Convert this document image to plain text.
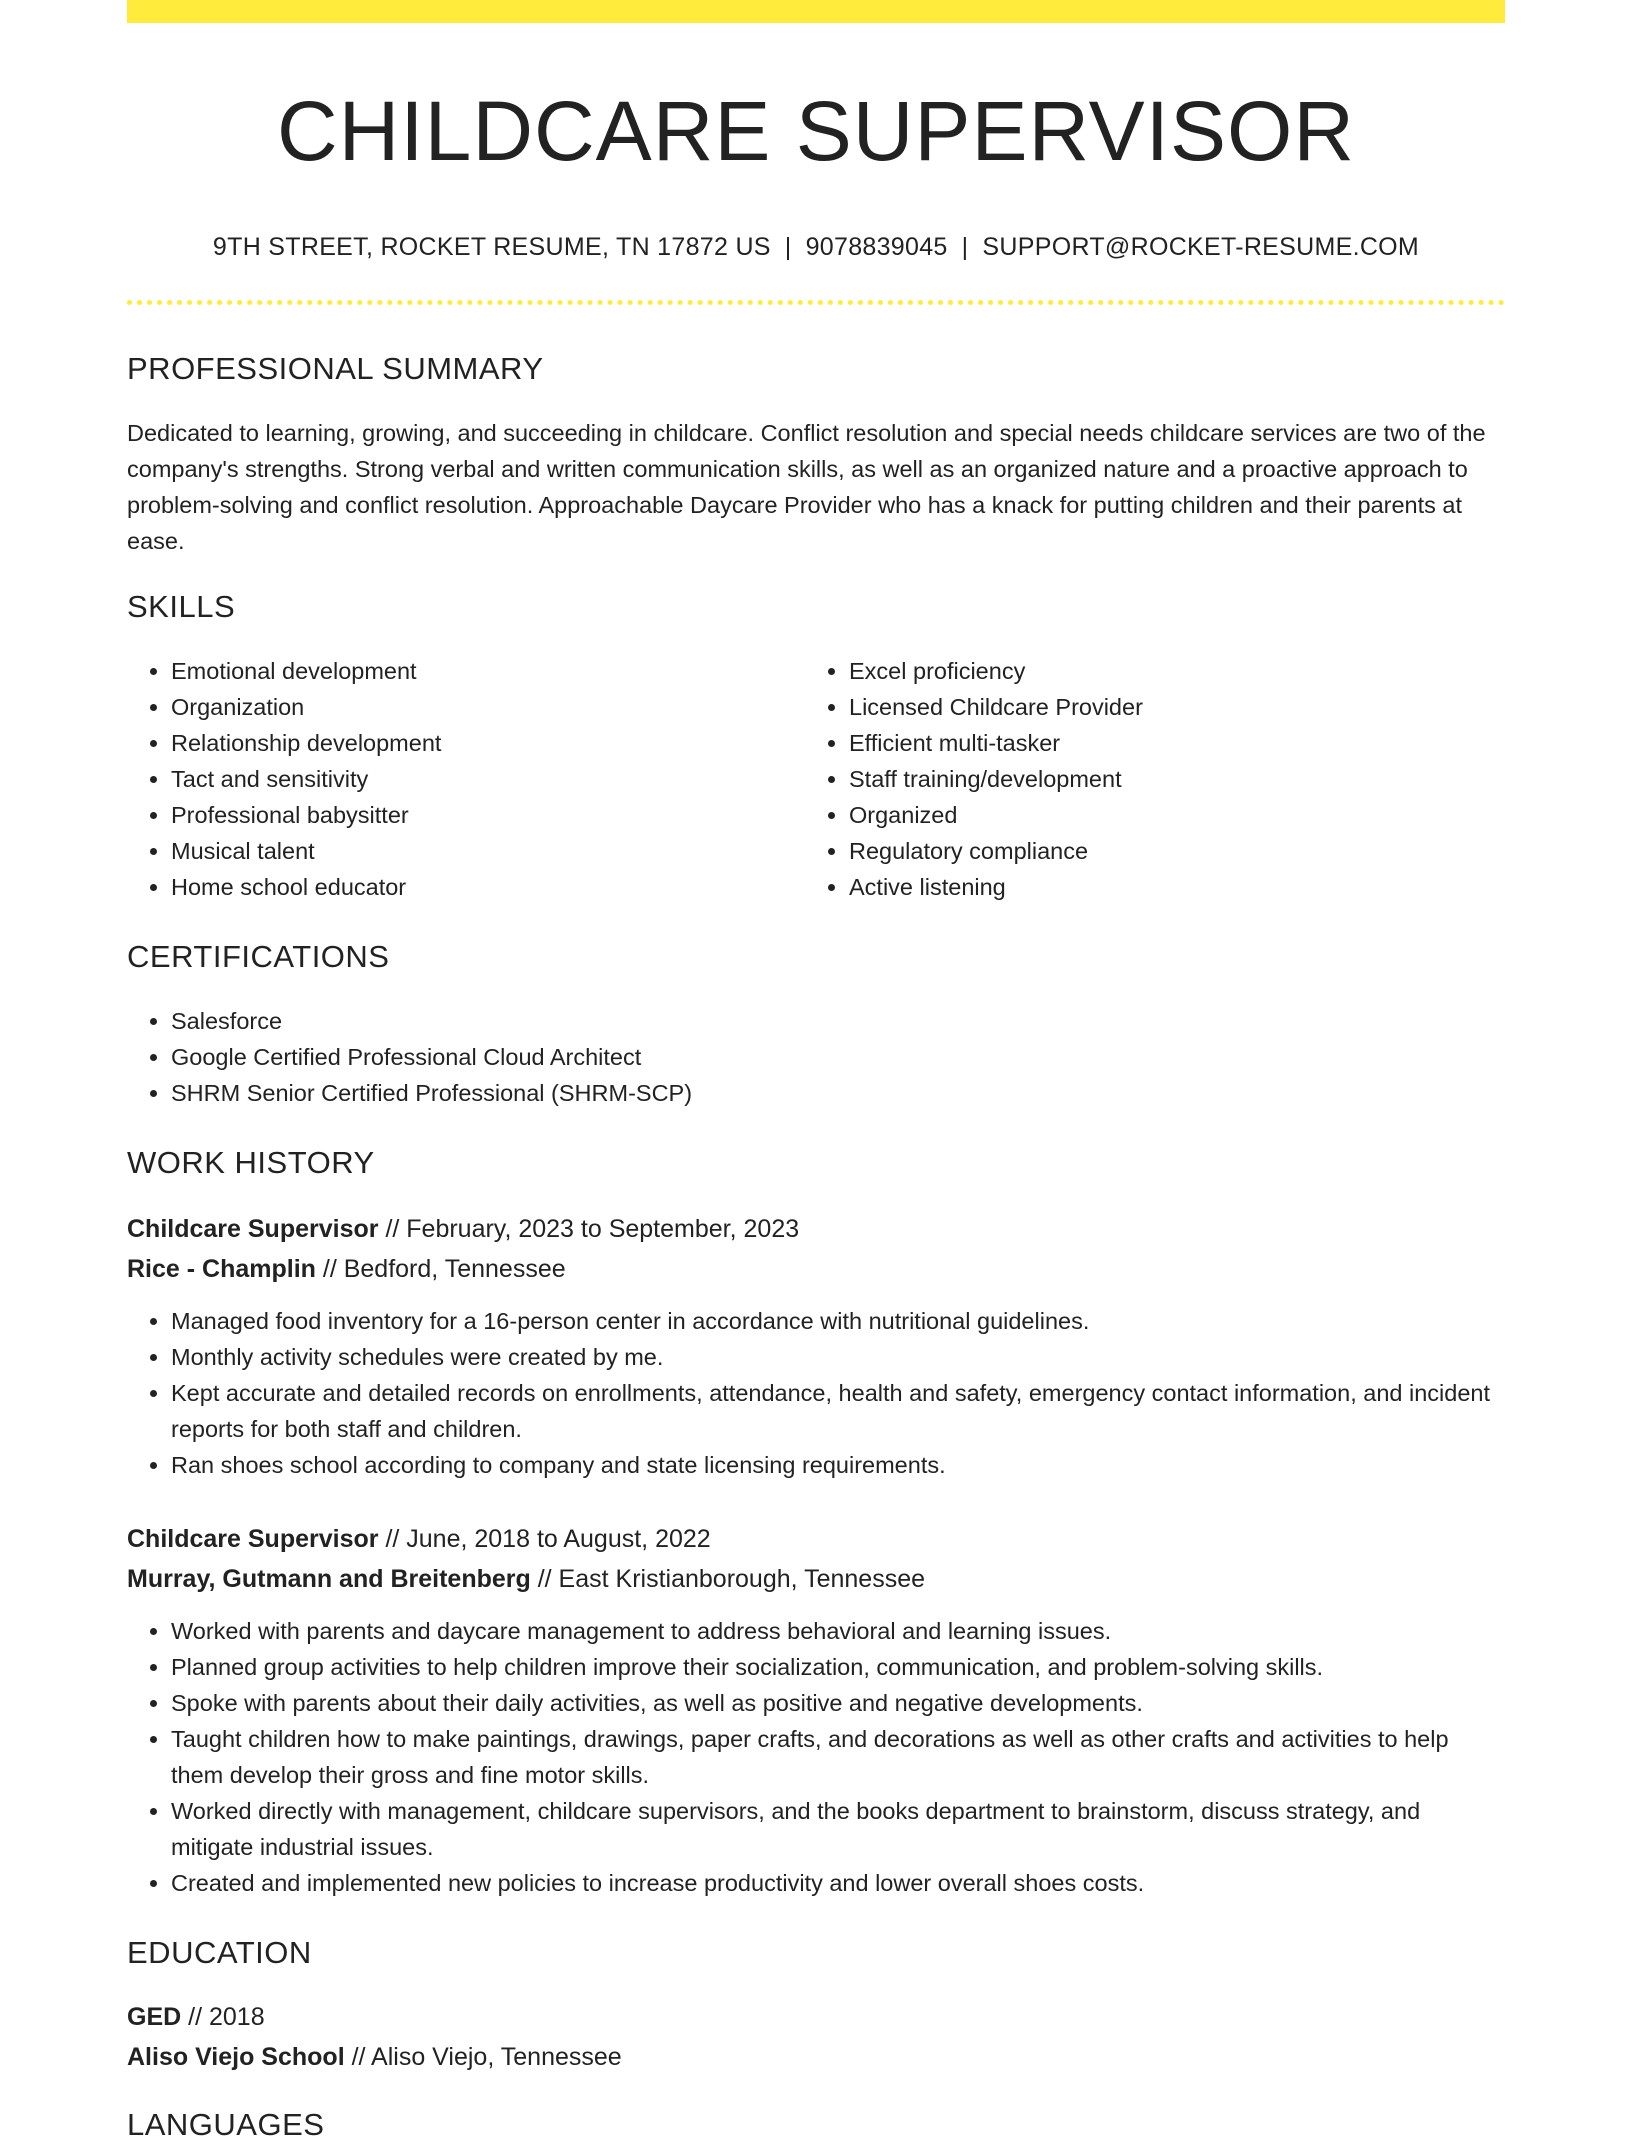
CHILDCARE SUPERVISOR
9TH STREET, ROCKET RESUME, TN 17872 US | 9078839045 | SUPPORT@ROCKET-RESUME.COM
PROFESSIONAL SUMMARY

Dedicated to learning, growing, and succeeding in childcare. Conflict resolution and special needs childcare services are two of the company's strengths. Strong verbal and written communication skills, as well as an organized nature and a proactive approach to problem-solving and conflict resolution. Approachable Daycare Provider who has a knack for putting children and their parents at ease.

SKILLS
• Emotional development
• Organization
• Relationship development
• Tact and sensitivity
• Professional babysitter
• Musical talent
• Home school educator
• Excel proficiency
• Licensed Childcare Provider
• Efficient multi-tasker
• Staff training/development
• Organized
• Regulatory compliance
• Active listening
CERTIFICATIONS
• Salesforce
• Google Certified Professional Cloud Architect
• SHRM Senior Certified Professional (SHRM-SCP)
WORK HISTORY
Childcare Supervisor // February, 2023 to September, 2023
Rice - Champlin // Bedford, Tennessee
• Managed food inventory for a 16-person center in accordance with nutritional guidelines.
• Monthly activity schedules were created by me.
• Kept accurate and detailed records on enrollments, attendance, health and safety, emergency contact information, and incident reports for both staff and children.
• Ran shoes school according to company and state licensing requirements.
Childcare Supervisor // June, 2018 to August, 2022
Murray, Gutmann and Breitenberg // East Kristianborough, Tennessee
• Worked with parents and daycare management to address behavioral and learning issues.
• Planned group activities to help children improve their socialization, communication, and problem-solving skills.
• Spoke with parents about their daily activities, as well as positive and negative developments.
• Taught children how to make paintings, drawings, paper crafts, and decorations as well as other crafts and activities to help them develop their gross and fine motor skills.
• Worked directly with management, childcare supervisors, and the books department to brainstorm, discuss strategy, and mitigate industrial issues.
• Created and implemented new policies to increase productivity and lower overall shoes costs.
EDUCATION
GED // 2018
Aliso Viejo School // Aliso Viejo, Tennessee
LANGUAGES
